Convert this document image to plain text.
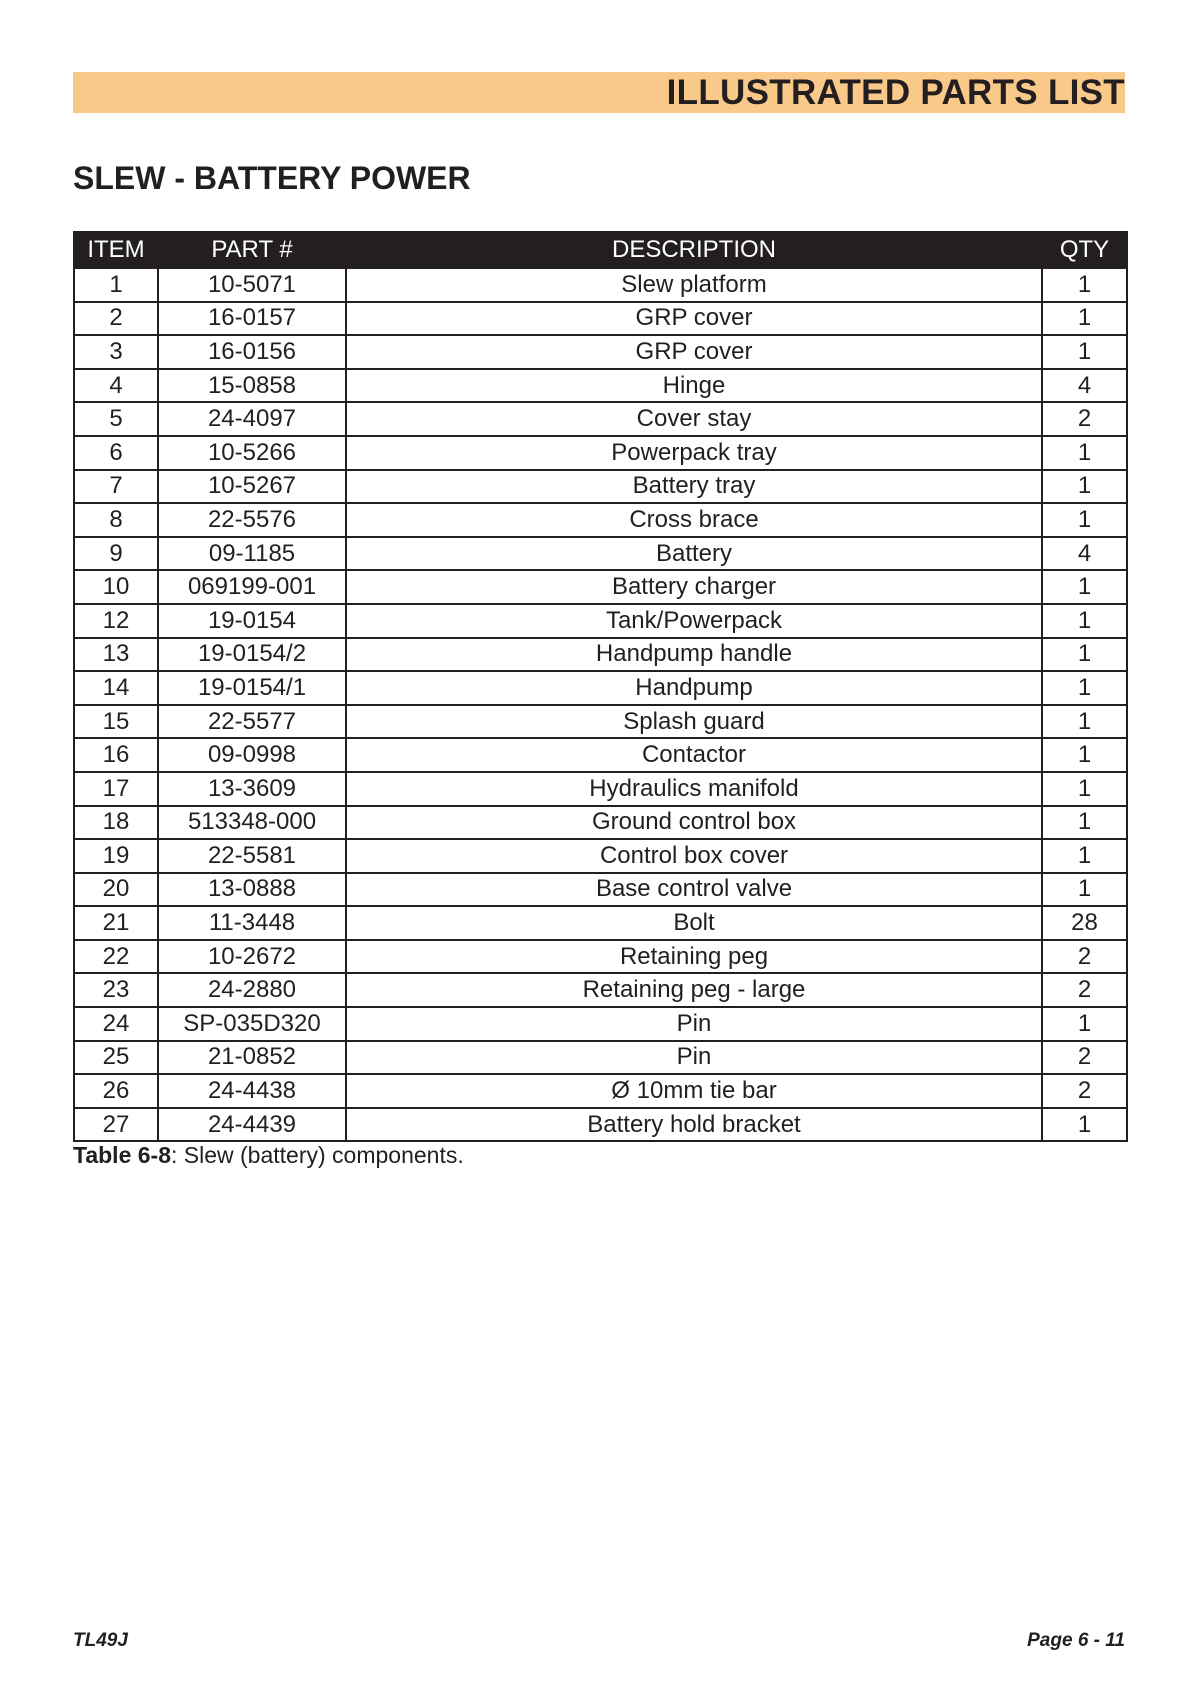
ILLUSTRATED PARTS LIST
SLEW - BATTERY POWER
ITEM	PART #	DESCRIPTION	QTY
1	10-5071	Slew platform	1
2	16-0157	GRP cover	1
3	16-0156	GRP cover	1
4	15-0858	Hinge	4
5	24-4097	Cover stay	2
6	10-5266	Powerpack tray	1
7	10-5267	Battery tray	1
8	22-5576	Cross brace	1
9	09-1185	Battery	4
10	069199-001	Battery charger	1
12	19-0154	Tank/Powerpack	1
13	19-0154/2	Handpump handle	1
14	19-0154/1	Handpump	1
15	22-5577	Splash guard	1
16	09-0998	Contactor	1
17	13-3609	Hydraulics manifold	1
18	513348-000	Ground control box	1
19	22-5581	Control box cover	1
20	13-0888	Base control valve	1
21	11-3448	Bolt	28
22	10-2672	Retaining peg	2
23	24-2880	Retaining peg - large	2
24	SP-035D320	Pin	1
25	21-0852	Pin	2
26	24-4438	Ø 10mm tie bar	2
27	24-4439	Battery hold bracket	1
Table 6-8: Slew (battery) components.
TL49J	Page 6 - 11
